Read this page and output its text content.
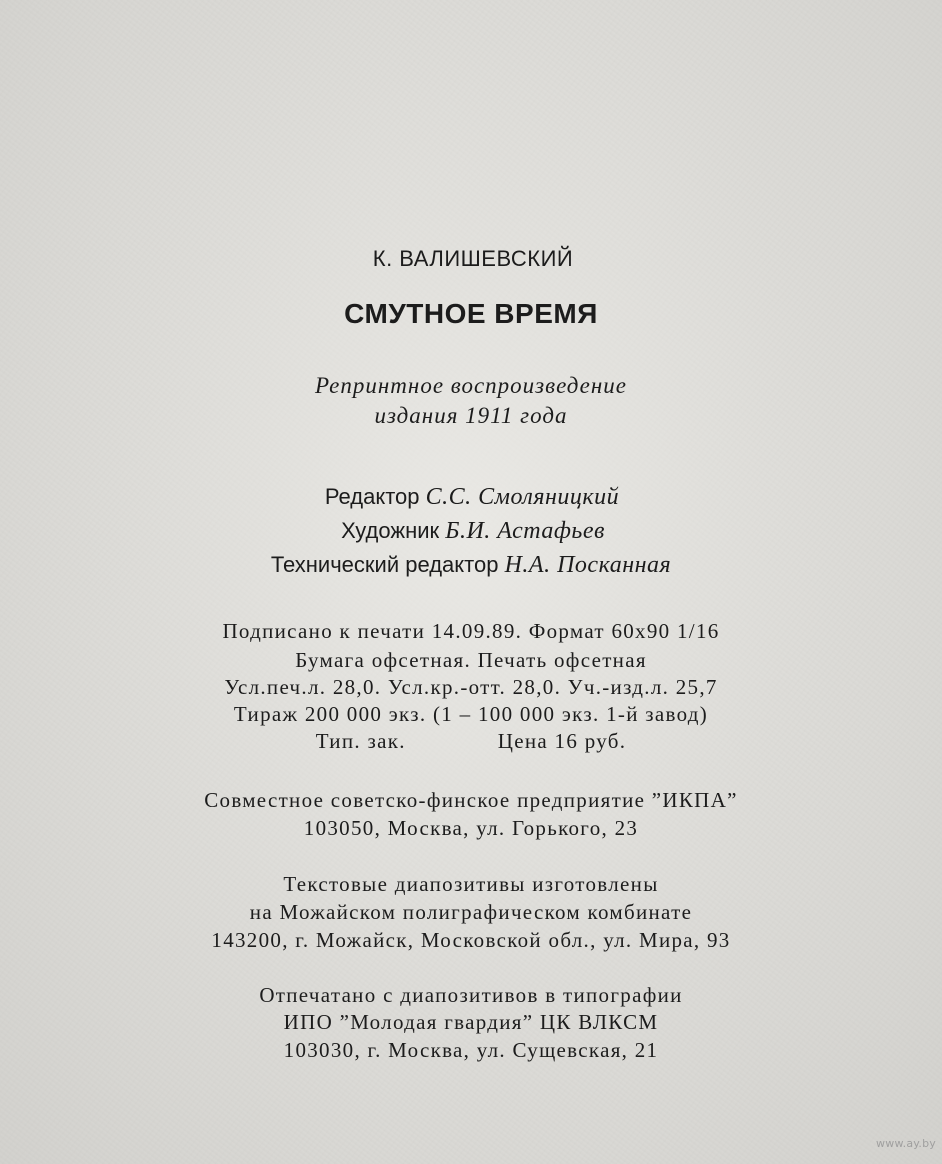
К. ВАЛИШЕВСКИЙ
СМУТНОЕ ВРЕМЯ
Репринтное воспроизведение
издания 1911 года
Редактор С.С. Смоляницкий
Художник Б.И. Астафьев
Технический редактор Н.А. Посканная
Подписано к печати 14.09.89. Формат 60х90 1/16
Бумага офсетная. Печать офсетная
Усл.печ.л. 28,0. Усл.кр.-отт. 28,0. Уч.-изд.л. 25,7
Тираж 200 000 экз. (1 – 100 000 экз. 1-й завод)
Тип. зак.	Цена 16 руб.
Совместное советско-финское предприятие ”ИКПА”
103050, Москва, ул. Горького, 23
Текстовые диапозитивы изготовлены
на Можайском полиграфическом комбинате
143200, г. Можайск, Московской обл., ул. Мира, 93
Отпечатано с диапозитивов в типографии
ИПО ”Молодая гвардия” ЦК ВЛКСМ
103030, г. Москва, ул. Сущевская, 21
www.ay.by
